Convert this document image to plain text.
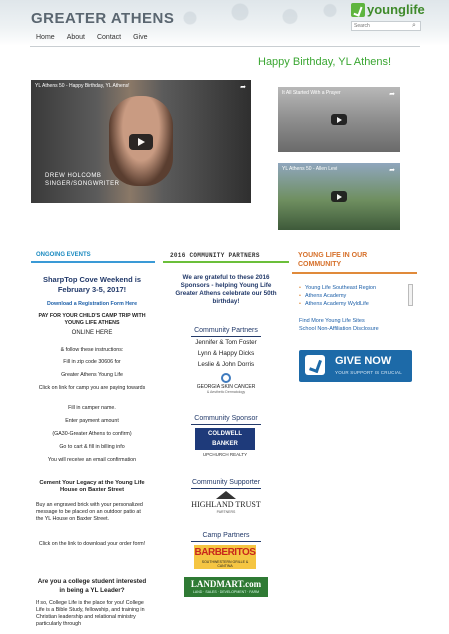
GREATER ATHENS
younglife
Search
⌕
Home About Contact Give
Happy Birthday, YL Athens!
YL Athens 50 - Happy Birthday, YL Athens!	➦
DREW HOLCOMB
SINGER/SONGWRITER
It All Started With a Prayer	➦
YL Athens 50 - Allen Levi	➦
ONGOING EVENTS	2016 COMMUNITY PARTNERS	YOUNG LIFE IN OUR COMMUNITY
SharpTop Cove Weekend is February 3-5, 2017!
Download a Registration Form Here
PAY FOR YOUR CHILD'S CAMP TRIP WITH YOUNG LIFE ATHENS
ONLINE HERE
& follow these instructions:
Fill in zip code 30606 for
Greater Athens Young Life
Click on link for camp you are paying towards
Fill in camper name.
Enter payment amount
(GA30-Greater Athens to confirm)
Go to cart & fill in billing info
You will receive an email confirmation
Cement Your Legacy at the Young Life House on Baxter Street
Buy an engraved brick with your personalized message to be placed on an outdoor patio at the YL House on Baxter Street.
Click on the link to download your order form!
Are you a college student interested in being a YL Leader?
If so, College Life is the place for you! College Life is a Bible Study, fellowship, and training in Christian leadership and relational ministry particularly through
We are grateful to these 2016 Sponsors - helping Young Life Greater Athens celebrate our 50th birthday!
Community Partners
Jennifer & Tom Foster
Lynn & Happy Dicks
Leslie & John Dorris
GEORGIA SKIN CANCER
& Aesthetic Dermatology
Community Sponsor
COLDWELL BANKER
UPCHURCH REALTY
Community Supporter
HIGHLAND TRUST
PARTNERS
Camp Partners
BARBERITOS
SOUTHWESTERN GRILLE & CANTINA
LANDMART.com
LAND · SALES · DEVELOPMENT · FARM
• Young Life Southeast Region
• Athens Academy
• Athens Academy WyldLife
Find More Young Life Sites
School Non-Affiliation Disclosure
GIVE NOW
YOUR SUPPORT IS CRUCIAL
